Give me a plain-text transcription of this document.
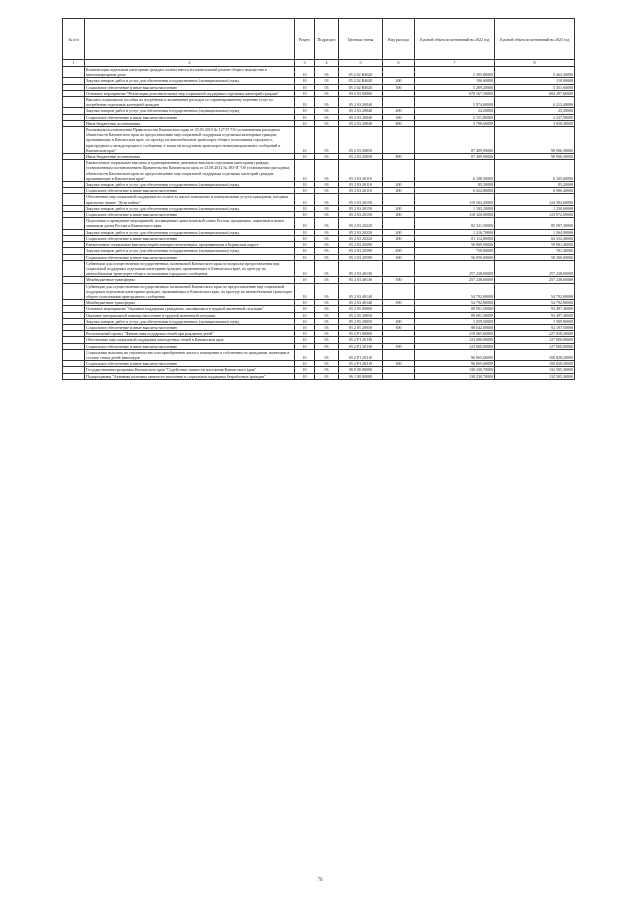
№ п/п		Раздел	Подраздел	Целевая статья	Вид расхода	Годовой объем ассигнований на 2022 год	Годовой объем ассигнований на 2023 год
1	2	3	4	5	6	7	8
	Компенсация отдельным категориям граждан оплаты взноса на капитальный ремонт общего имущества в многоквартирном доме	10	03	05 2 02 R4620		5 395,80000	5 462,30000
	Закупка товаров, работ и услуг для обеспечения государственных (муниципальных) нужд	10	03	05 2 02 R4620	200	106,60000	110,90000
	Социальное обеспечение и иные выплаты населению	10	03	05 2 02 R4620	300	5 289,20000	5 351,60000
	Основное мероприятие "Реализация дополнительных мер социальной поддержки отдельных категорий граждан"	10	03	05 2 03 00000		670 167,30000	684 297,60000
	Выплата социального пособия на погребение и возмещение расходов по гарантированному перечню услуг по погребению отдельных категорий граждан	10	03	05 2 03 20040		5 974,60000	6 213,40000
	Закупка товаров, работ и услуг для обеспечения государственных (муниципальных) нужд	10	03	05 2 03 20040	200	24,20000	25,20000
	Социальное обеспечение и иные выплаты населению	10	03	05 2 03 20040	300	2 151,80000	2 237,90000
	Иные бюджетные ассигнования	10	03	05 2 03 20040	800	3 798,60000	3 950,30000
	Реализация постановления Правительства Камчатского края от 25.03.2010 № 127-П "Об установлении расходных обязательств Камчатского края по предоставлению мер социальной поддержки отдельным категориям граждан, проживающих в Камчатском крае, по проезду на автомобильном транспорте общего пользования городского, пригородного и междугородного сообщения, а также на воздушном транспорте межмуниципальных сообщений в Камчатском крае"	10	03	05 2 03 20050		87 409,90000	90 906,30000
	Иные бюджетные ассигнования	10	03	05 2 03 20050	800	87 409,90000	90 906,30000
	Ежемесячные социальные выплаты и единовременные денежные выплаты отдельным категориям граждан, установленным постановлением Правительства Камчатского края от 23.08.2012 № 383-П "Об установлении расходных обязательств Камчатского края по предоставлению мер социальной поддержки отдельных категорий граждан, проживающих в Камчатском крае"	10	03	05 2 03 20110		6 108,30000	6 165,60000
	Закупка товаров, работ и услуг для обеспечения государственных (муниципальных) нужд	10	03	05 2 03 20110	200	85,50000	85,20000
	Социальное обеспечение и иные выплаты населению	10	03	05 2 03 20110	300	6 022,80000	6 080,40000
	Обеспечение мер социальной поддержки по оплате за жилое помещение и коммунальные услуги гражданам, которым присвоено звание "Дети войны"	10	03	05 2 03 20150		119 503,20000	124 302,60000
	Закупка товаров, работ и услуг для обеспечения государственных (муниципальных) нужд	10	03	05 2 03 20150	200	1 183,20000	1 230,60000
	Социальное обеспечение и иные выплаты населению	10	03	05 2 03 20150	300	118 320,00000	123 072,00000
	Подготовка и проведение мероприятий, посвященных дням воинской славы России, праздникам, памятным и иным значимым датам России и Камчатского края	10	03	05 2 03 20220		82 331,50000	85 597,30000
	Закупка товаров, работ и услуг для обеспечения государственных (муниципальных) нужд	10	03	05 2 03 20220	200	1 216,70000	1 264,90000
	Социальное обеспечение и иные выплаты населению	10	03	05 2 03 20220	300	81 114,80000	84 332,40000
	Ежемесячные социальные выплаты неработающим пенсионерам, проживающим в Корякском округе	10	03	05 2 03 20590		56 809,00000	59 081,40000
	Закупка товаров, работ и услуг для обеспечения государственных (муниципальных) нужд	10	03	05 2 03 20590	200	759,00000	781,40000
	Социальное обеспечение и иные выплаты населению	10	03	05 2 03 20590	300	56 050,00000	58 300,00000
	Субвенции для осуществления государственных полномочий Камчатского края по вопросам предоставления мер социальной поддержки отдельным категориям граждан, проживающих в Камчатском крае, по проезду на автомобильном транспорте общего пользования городского сообщения	10	03	05 2 03 40130		257 238,00000	257 238,00000
	Межбюджетные трансферты	10	03	05 2 03 40130	500	257 238,00000	257 238,00000
	Субвенции для осуществления государственных полномочий Камчатского края по предоставлению мер социальной поддержки отдельным категориям граждан, проживающих в Камчатском крае, по проезду на автомобильном транспорте общего пользования пригородного сообщения	10	03	05 2 03 40140		54 792,80000	54 792,80000
	Межбюджетные трансферты	10	03	05 2 03 40140	500	54 792,80000	54 792,80000
	Основное мероприятие "Оказание поддержки гражданам, оказавшимся в трудной жизненной ситуации"	10	03	05 2 05 00000		89 901,50000	93 497,40000
	Оказание материальной помощи населению в трудной жизненной ситуации	10	03	05 2 05 20050		89 901,50000	93 497,40000
	Закупка товаров, работ и услуг для обеспечения государственных (муниципальных) нужд	10	03	05 2 05 20050	200	1 259,50000	1 309,90000
	Социальное обеспечение и иные выплаты населению	10	03	05 2 05 20050	300	88 642,00000	92 187,50000
	Региональный проект "Финансовая поддержка семей при рождении детей"	10	03	05 2 P1 00000		219 065,60000	227 828,20000
	Обеспечение мер социальной поддержки многодетных семей в Камчатском крае	10	03	05 2 P1 20130		123 000,00000	127 000,00000
	Социальное обеспечение и иные выплаты населению	10	03	05 2 P1 20130	300	123 000,00000	127 000,00000
	Социальные выплаты на строительство или приобретение жилого помещения в собственность гражданам, имеющим в составе семьи детей-инвалидов	10	03	05 2 P1 20310		96 065,60000	100 828,20000
	Социальное обеспечение и иные выплаты населению	10	03	05 2 P1 20310	300	96 065,60000	100 828,20000
	Государственная программа Камчатского края "Содействие занятости населения Камчатского края"	10	03	06 0 00 00000		130 230,70000	132 505,30000
	Подпрограмма "Активная политика занятости населения и социальная поддержка безработных граждан"	10	03	06 1 00 00000		130 230,70000	132 505,30000
70
